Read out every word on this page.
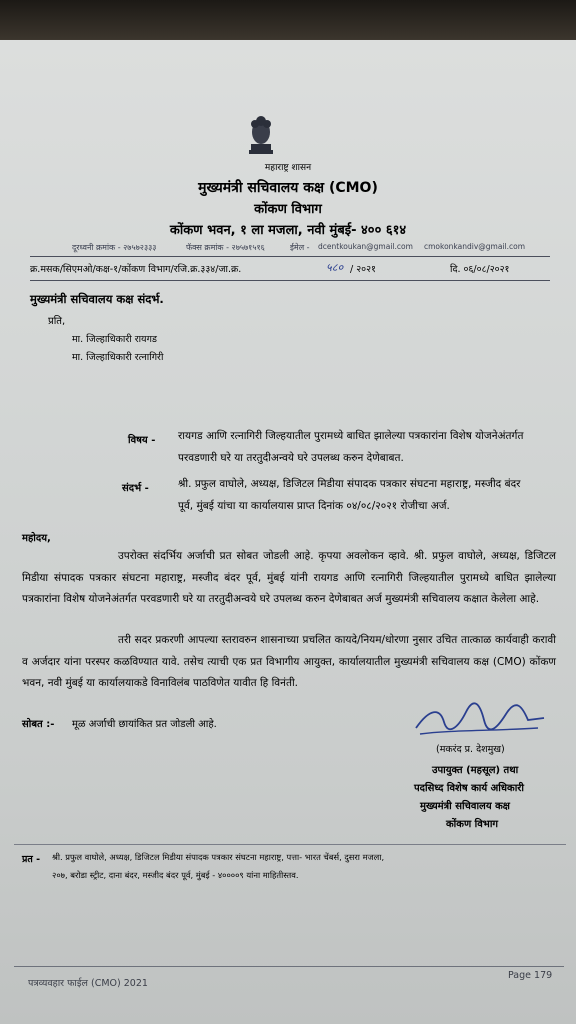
महाराष्ट्र शासन
मुख्यमंत्री सचिवालय कक्ष (CMO)
कोंकण विभाग
कोंकण भवन, १ ला मजला, नवी मुंबई- ४०० ६१४
दूरध्वनी क्रमांक - २७५७२३३३	फॅक्स क्रमांक - २७५७१५१६	ईमेल - dcentkoukan@gmail.com cmokonkandiv@gmail.com
क्र.मसक/सिएमओ/कक्ष-१/कोंकण विभाग/रजि.क्र.३३४/जा.क्र.	५८० / २०२१	दि. ०६/०८/२०२१
मुख्यमंत्री सचिवालय कक्ष संदर्भ.
प्रति,
मा. जिल्हाधिकारी रायगड
मा. जिल्हाधिकारी रत्नागिरी
विषय - रायगड आणि रत्नागिरी जिल्हयातील पुरामध्ये बाधित झालेल्या पत्रकारांना विशेष योजनेअंतर्गत परवडणारी घरे या तरतुदीअन्वये घरे उपलब्ध करुन देणेबाबत.
संदर्भ -	श्री. प्रफुल वाघोले, अध्यक्ष, डिजिटल मिडीया संपादक पत्रकार संघटना महाराष्ट्र, मस्जीद बंदर पूर्व, मुंबई यांचा या कार्यालयास प्राप्त दिनांक ०४/०८/२०२१ रोजीचा अर्ज.
महोदय,
उपरोक्त संदर्भिय अर्जाची प्रत सोबत जोडली आहे. कृपया अवलोकन व्हावे. श्री. प्रफुल वाघोले, अध्यक्ष, डिजिटल मिडीया संपादक पत्रकार संघटना महाराष्ट्र, मस्जीद बंदर पूर्व, मुंबई यांनी रायगड आणि रत्नागिरी जिल्हयातील पुरामध्ये बाधित झालेल्या पत्रकारांना विशेष योजनेअंतर्गत परवडणारी घरे या तरतुदीअन्वये घरे उपलब्ध करुन देणेबाबत अर्ज मुख्यमंत्री सचिवालय कक्षात केलेला आहे.
तरी सदर प्रकरणी आपल्या स्तरावरुन शासनाच्या प्रचलित कायदे/नियम/धोरणा नुसार उचित तात्काळ कार्यवाही करावी व अर्जदार यांना परस्पर कळविण्यात यावे. तसेच त्याची एक प्रत विभागीय आयुक्त, कार्यालयातील मुख्यमंत्री सचिवालय कक्ष (CMO) कोंकण भवन, नवी मुंबई या कार्यालयाकडे विनाविलंब पाठविणेत यावीत हि विनंती.
सोबत :- मूळ अर्जाची छायांकित प्रत जोडली आहे.
(मकरंद प्र. देशमुख)
उपायुक्त (महसूल) तथा
पदसिध्द विशेष कार्य अधिकारी
मुख्यमंत्री सचिवालय कक्ष
कोंकण विभाग
प्रत - श्री. प्रफुल वाघोले, अध्यक्ष, डिजिटल मिडीया संपादक पत्रकार संघटना महाराष्ट्र, पत्ता- भारत चेंबर्स, दुसरा मजला,
२०७, बरोडा स्ट्रीट, दाना बंदर, मस्जीद बंदर पूर्व, मुंबई - ४००००९ यांना माहितीस्तव.
पत्रव्यवहार फाईल (CMO) 2021
Page 179
